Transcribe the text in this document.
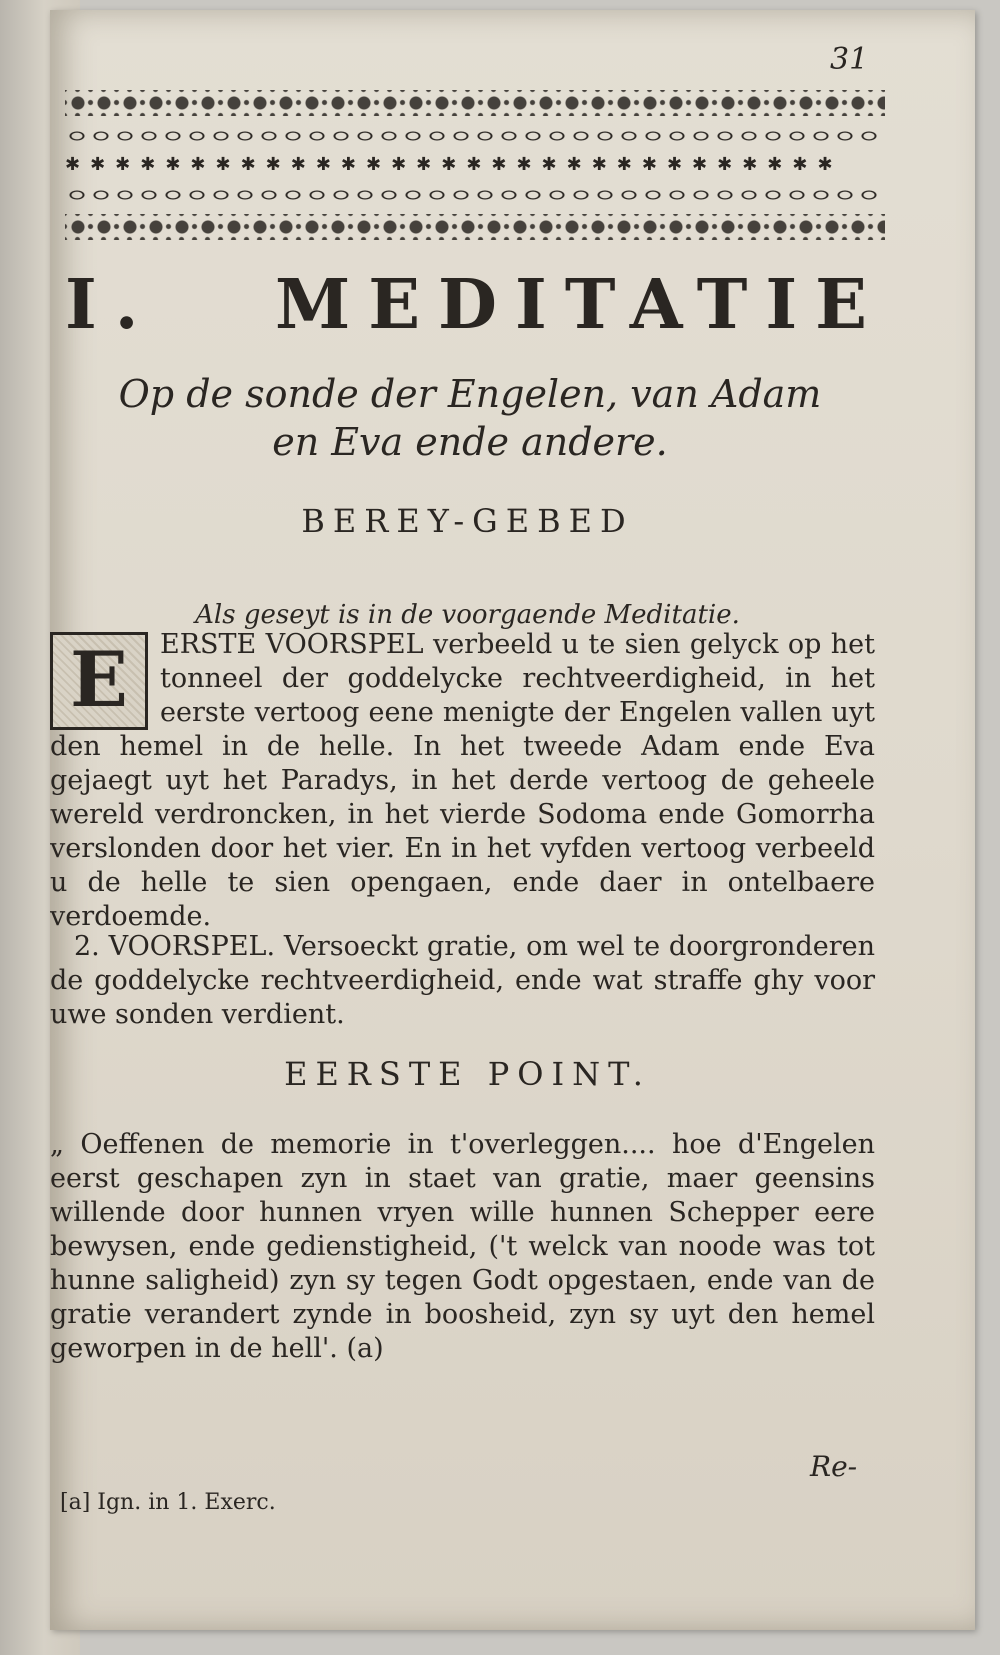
31
✱✱✱✱✱✱✱✱✱✱✱✱✱✱✱✱✱✱✱✱✱✱✱✱✱✱✱✱✱✱✱
I. MEDITATIE
Op de sonde der Engelen, van Adam en Eva ende andere.
BEREY-GEBED
Als geseyt is in de voorgaende Meditatie.
E	ERSTE VOORSPEL verbeeld u te sien gelyck op het tonneel der goddelycke rechtveerdigheid, in het eerste vertoog eene menigte der Engelen vallen uyt den hemel in de helle. In het tweede Adam ende Eva gejaegt uyt het Paradys, in het derde vertoog de geheele wereld verdroncken, in het vierde Sodoma ende Gomorrha verslonden door het vier. En in het vyfden vertoog verbeeld u de helle te sien opengaen, ende daer in ontelbaere verdoemde.
2. VOORSPEL. Versoeckt gratie, om wel te doorgronderen de goddelycke rechtveerdigheid, ende wat straffe ghy voor uwe sonden verdient.
EERSTE POINT.
„ Oeffenen de memorie in t'overleggen.... hoe d'Engelen eerst geschapen zyn in staet van gratie, maer geensins willende door hunnen vryen wille hunnen Schepper eere bewysen, ende gedienstigheid, ('t welck van noode was tot hunne saligheid) zyn sy tegen Godt opgestaen, ende van de gratie verandert zynde in boosheid, zyn sy uyt den hemel geworpen in de hell'. (a)
Re-
[a] Ign. in 1. Exerc.
